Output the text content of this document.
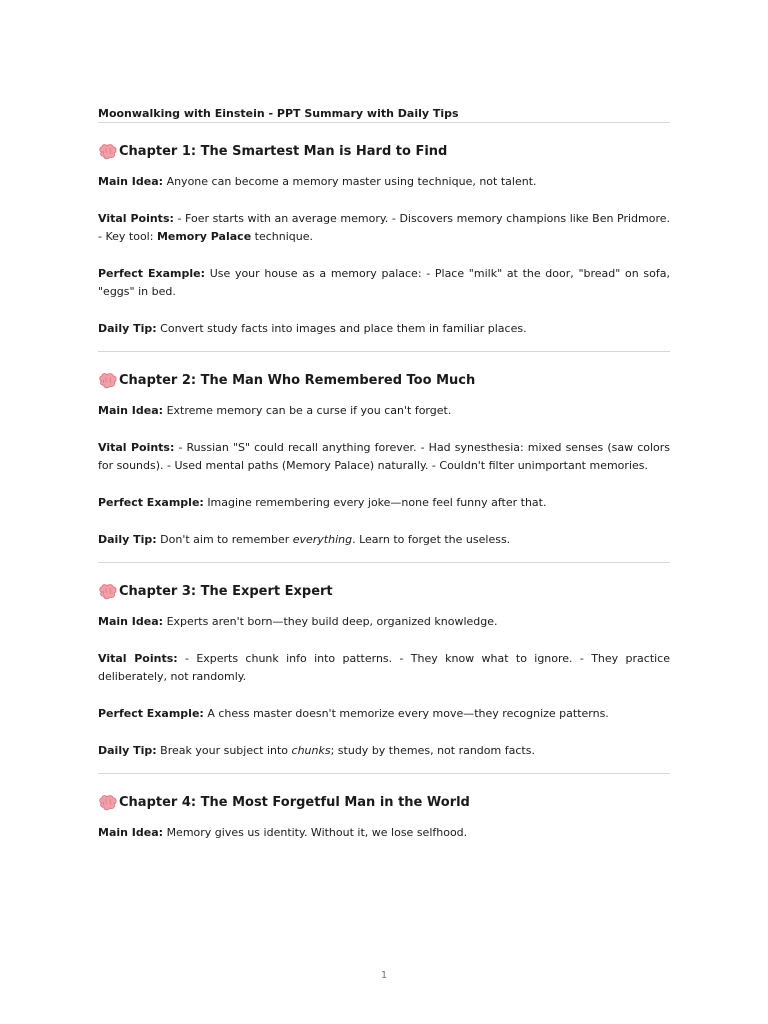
Moonwalking with Einstein - PPT Summary with Daily Tips

Chapter 1: The Smartest Man is Hard to Find

Main Idea: Anyone can become a memory master using technique, not talent.

Vital Points: - Foer starts with an average memory. - Discovers memory champions like Ben Pridmore. - Key tool: Memory Palace technique.

Perfect Example: Use your house as a memory palace: - Place "milk" at the door, "bread" on sofa, "eggs" in bed.

Daily Tip: Convert study facts into images and place them in familiar places.

Chapter 2: The Man Who Remembered Too Much

Main Idea: Extreme memory can be a curse if you can't forget.

Vital Points: - Russian "S" could recall anything forever. - Had synesthesia: mixed senses (saw colors for sounds). - Used mental paths (Memory Palace) naturally. - Couldn't filter unimportant memories.

Perfect Example: Imagine remembering every joke—none feel funny after that.

Daily Tip: Don't aim to remember everything. Learn to forget the useless.

Chapter 3: The Expert Expert

Main Idea: Experts aren't born—they build deep, organized knowledge.

Vital Points: - Experts chunk info into patterns. - They know what to ignore. - They practice deliberately, not randomly.

Perfect Example: A chess master doesn't memorize every move—they recognize patterns.

Daily Tip: Break your subject into chunks; study by themes, not random facts.

Chapter 4: The Most Forgetful Man in the World

Main Idea: Memory gives us identity. Without it, we lose selfhood.

1
